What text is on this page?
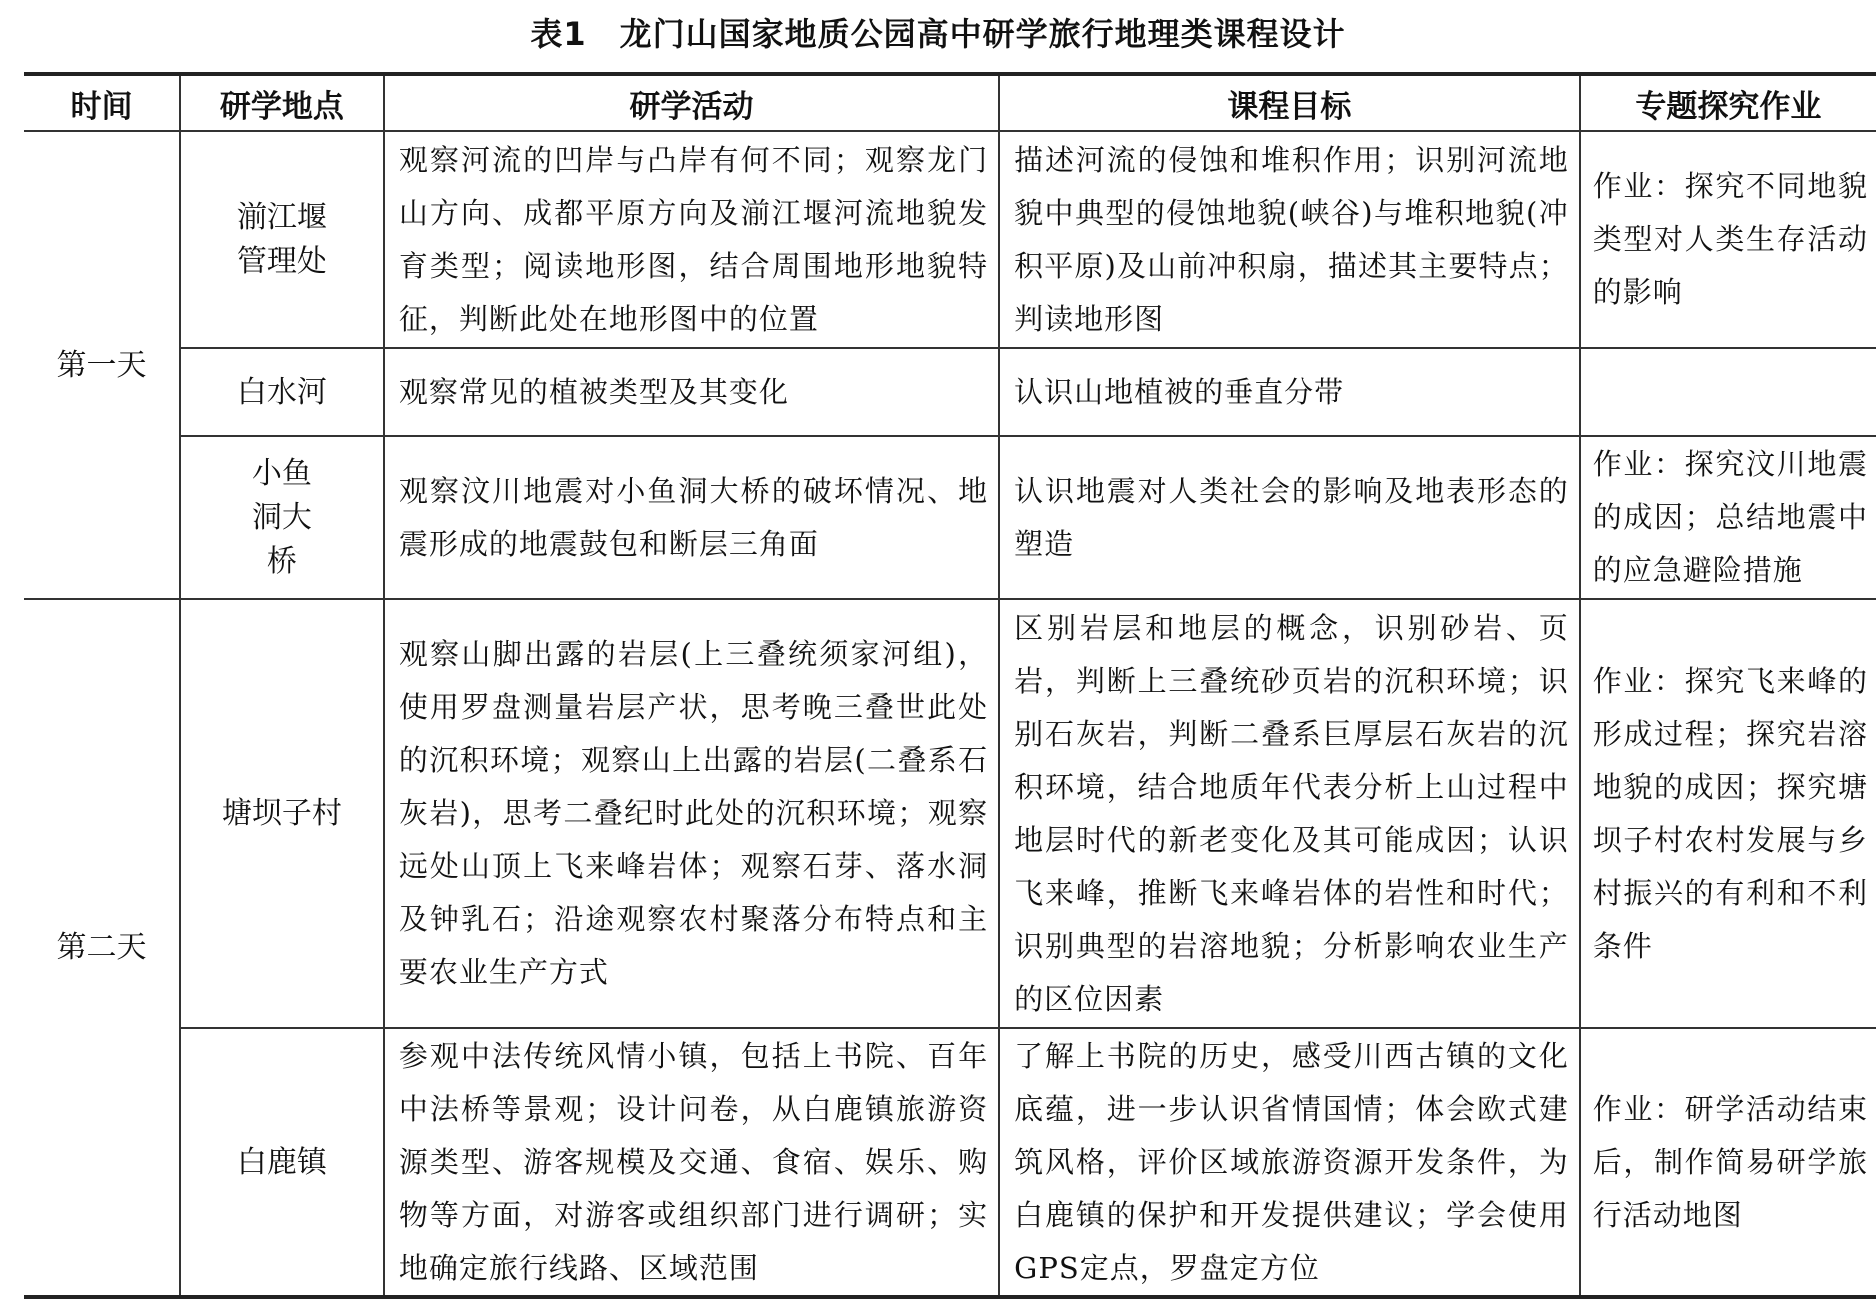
表1　龙门山国家地质公园高中研学旅行地理类课程设计
时间	研学地点	研学活动	课程目标	专题探究作业
第一天	湔江堰管理处	观察河流的凹岸与凸岸有何不同；观察龙门山方向、成都平原方向及湔江堰河流地貌发育类型；阅读地形图，结合周围地形地貌特征，判断此处在地形图中的位置	描述河流的侵蚀和堆积作用；识别河流地貌中典型的侵蚀地貌(峡谷)与堆积地貌(冲积平原)及山前冲积扇，描述其主要特点；判读地形图	作业：探究不同地貌类型对人类生存活动的影响
	白水河	观察常见的植被类型及其变化	认识山地植被的垂直分带	

	小鱼洞大桥	观察汶川地震对小鱼洞大桥的破坏情况、地震形成的地震鼓包和断层三角面	认识地震对人类社会的影响及地表形态的塑造	作业：探究汶川地震的成因；总结地震中的应急避险措施
第二天	塘坝子村	观察山脚出露的岩层(上三叠统须家河组)，使用罗盘测量岩层产状，思考晚三叠世此处的沉积环境；观察山上出露的岩层(二叠系石灰岩)，思考二叠纪时此处的沉积环境；观察远处山顶上飞来峰岩体；观察石芽、落水洞及钟乳石；沿途观察农村聚落分布特点和主要农业生产方式	区别岩层和地层的概念，识别砂岩、页岩，判断上三叠统砂页岩的沉积环境；识别石灰岩，判断二叠系巨厚层石灰岩的沉积环境，结合地质年代表分析上山过程中地层时代的新老变化及其可能成因；认识飞来峰，推断飞来峰岩体的岩性和时代；识别典型的岩溶地貌；分析影响农业生产的区位因素	作业：探究飞来峰的形成过程；探究岩溶地貌的成因；探究塘坝子村农村发展与乡村振兴的有利和不利条件
	白鹿镇	参观中法传统风情小镇，包括上书院、百年中法桥等景观；设计问卷，从白鹿镇旅游资源类型、游客规模及交通、食宿、娱乐、购物等方面，对游客或组织部门进行调研；实地确定旅行线路、区域范围	了解上书院的历史，感受川西古镇的文化底蕴，进一步认识省情国情；体会欧式建筑风格，评价区域旅游资源开发条件，为白鹿镇的保护和开发提供建议；学会使用GPS定点，罗盘定方位	作业：研学活动结束后，制作简易研学旅行活动地图
